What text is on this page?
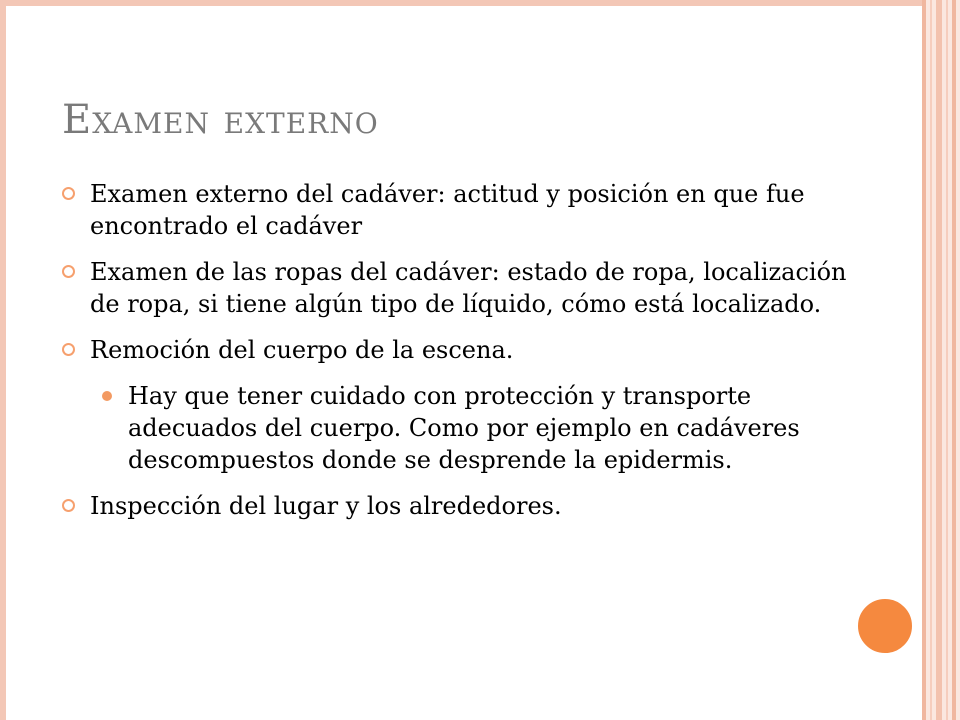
Examen externo
Examen externo del cadáver: actitud y posición en que fue encontrado el cadáver
Examen de las ropas del cadáver: estado de ropa, localización de ropa, si tiene algún tipo de líquido, cómo está localizado.
Remoción del cuerpo de la escena.
Hay que tener cuidado con protección y transporte adecuados del cuerpo. Como por ejemplo en cadáveres descompuestos donde se desprende la epidermis.
Inspección del lugar y los alrededores.
